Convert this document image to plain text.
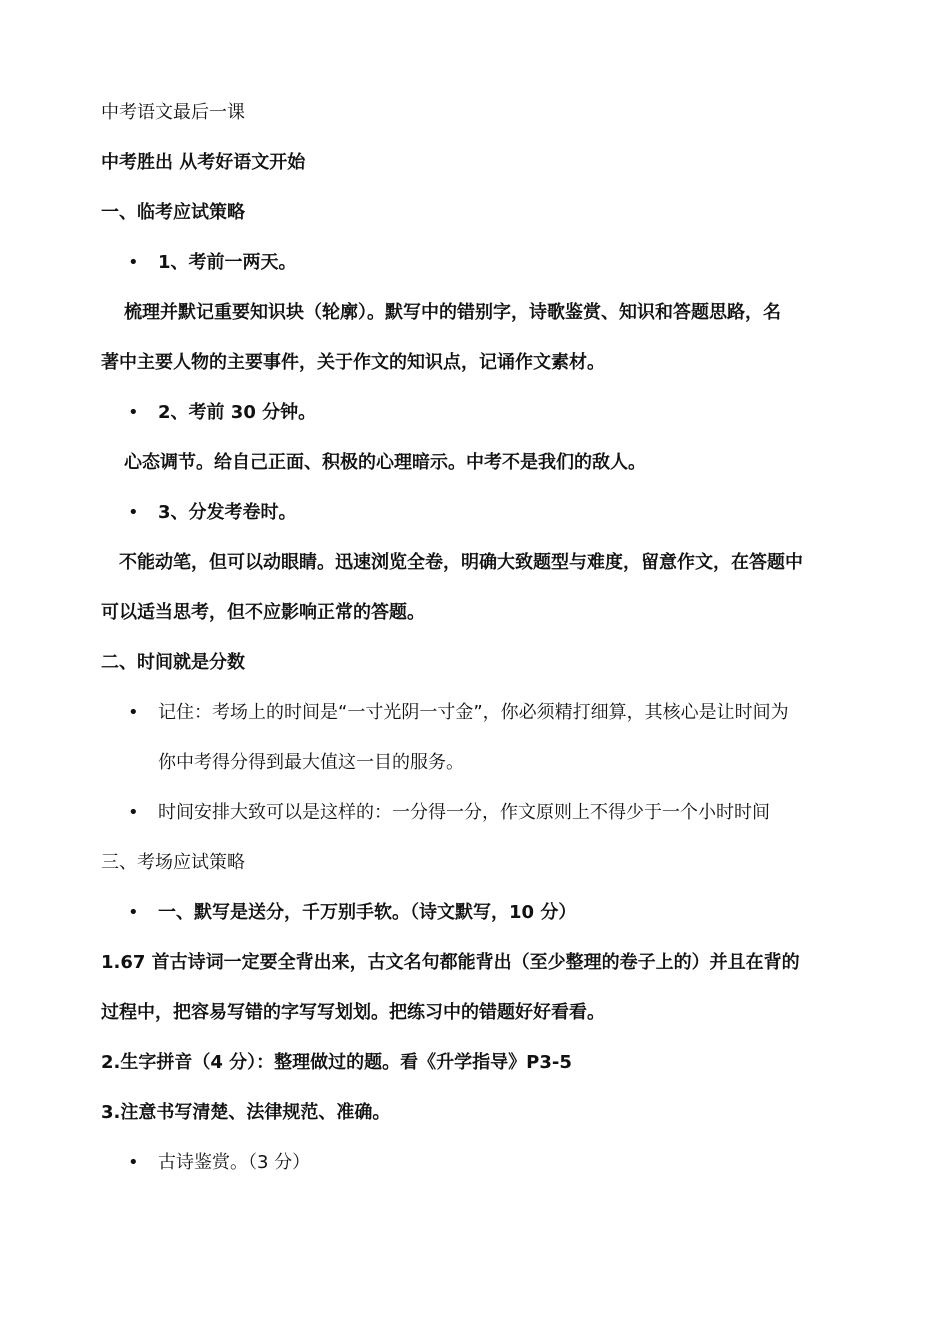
中考语文最后一课
中考胜出 从考好语文开始
一、临考应试策略
• 1、考前一两天。
梳理并默记重要知识块（轮廓）。默写中的错别字，诗歌鉴赏、知识和答题思路，名
著中主要人物的主要事件，关于作文的知识点，记诵作文素材。
• 2、考前 30 分钟。
心态调节。给自己正面、积极的心理暗示。中考不是我们的敌人。
• 3、分发考卷时。
不能动笔，但可以动眼睛。迅速浏览全卷，明确大致题型与难度，留意作文，在答题中
可以适当思考，但不应影响正常的答题。
二、时间就是分数
• 记住：考场上的时间是“一寸光阴一寸金”，你必须精打细算，其核心是让时间为
你中考得分得到最大值这一目的服务。
• 时间安排大致可以是这样的：一分得一分，作文原则上不得少于一个小时时间
三、考场应试策略
• 一、默写是送分，千万别手软。（诗文默写，10 分）
1.67 首古诗词一定要全背出来，古文名句都能背出（至少整理的卷子上的）并且在背的
过程中，把容易写错的字写写划划。把练习中的错题好好看看。
2.生字拼音（4 分）：整理做过的题。看《升学指导》P3-5
3.注意书写清楚、法律规范、准确。
• 古诗鉴赏。（3 分）
